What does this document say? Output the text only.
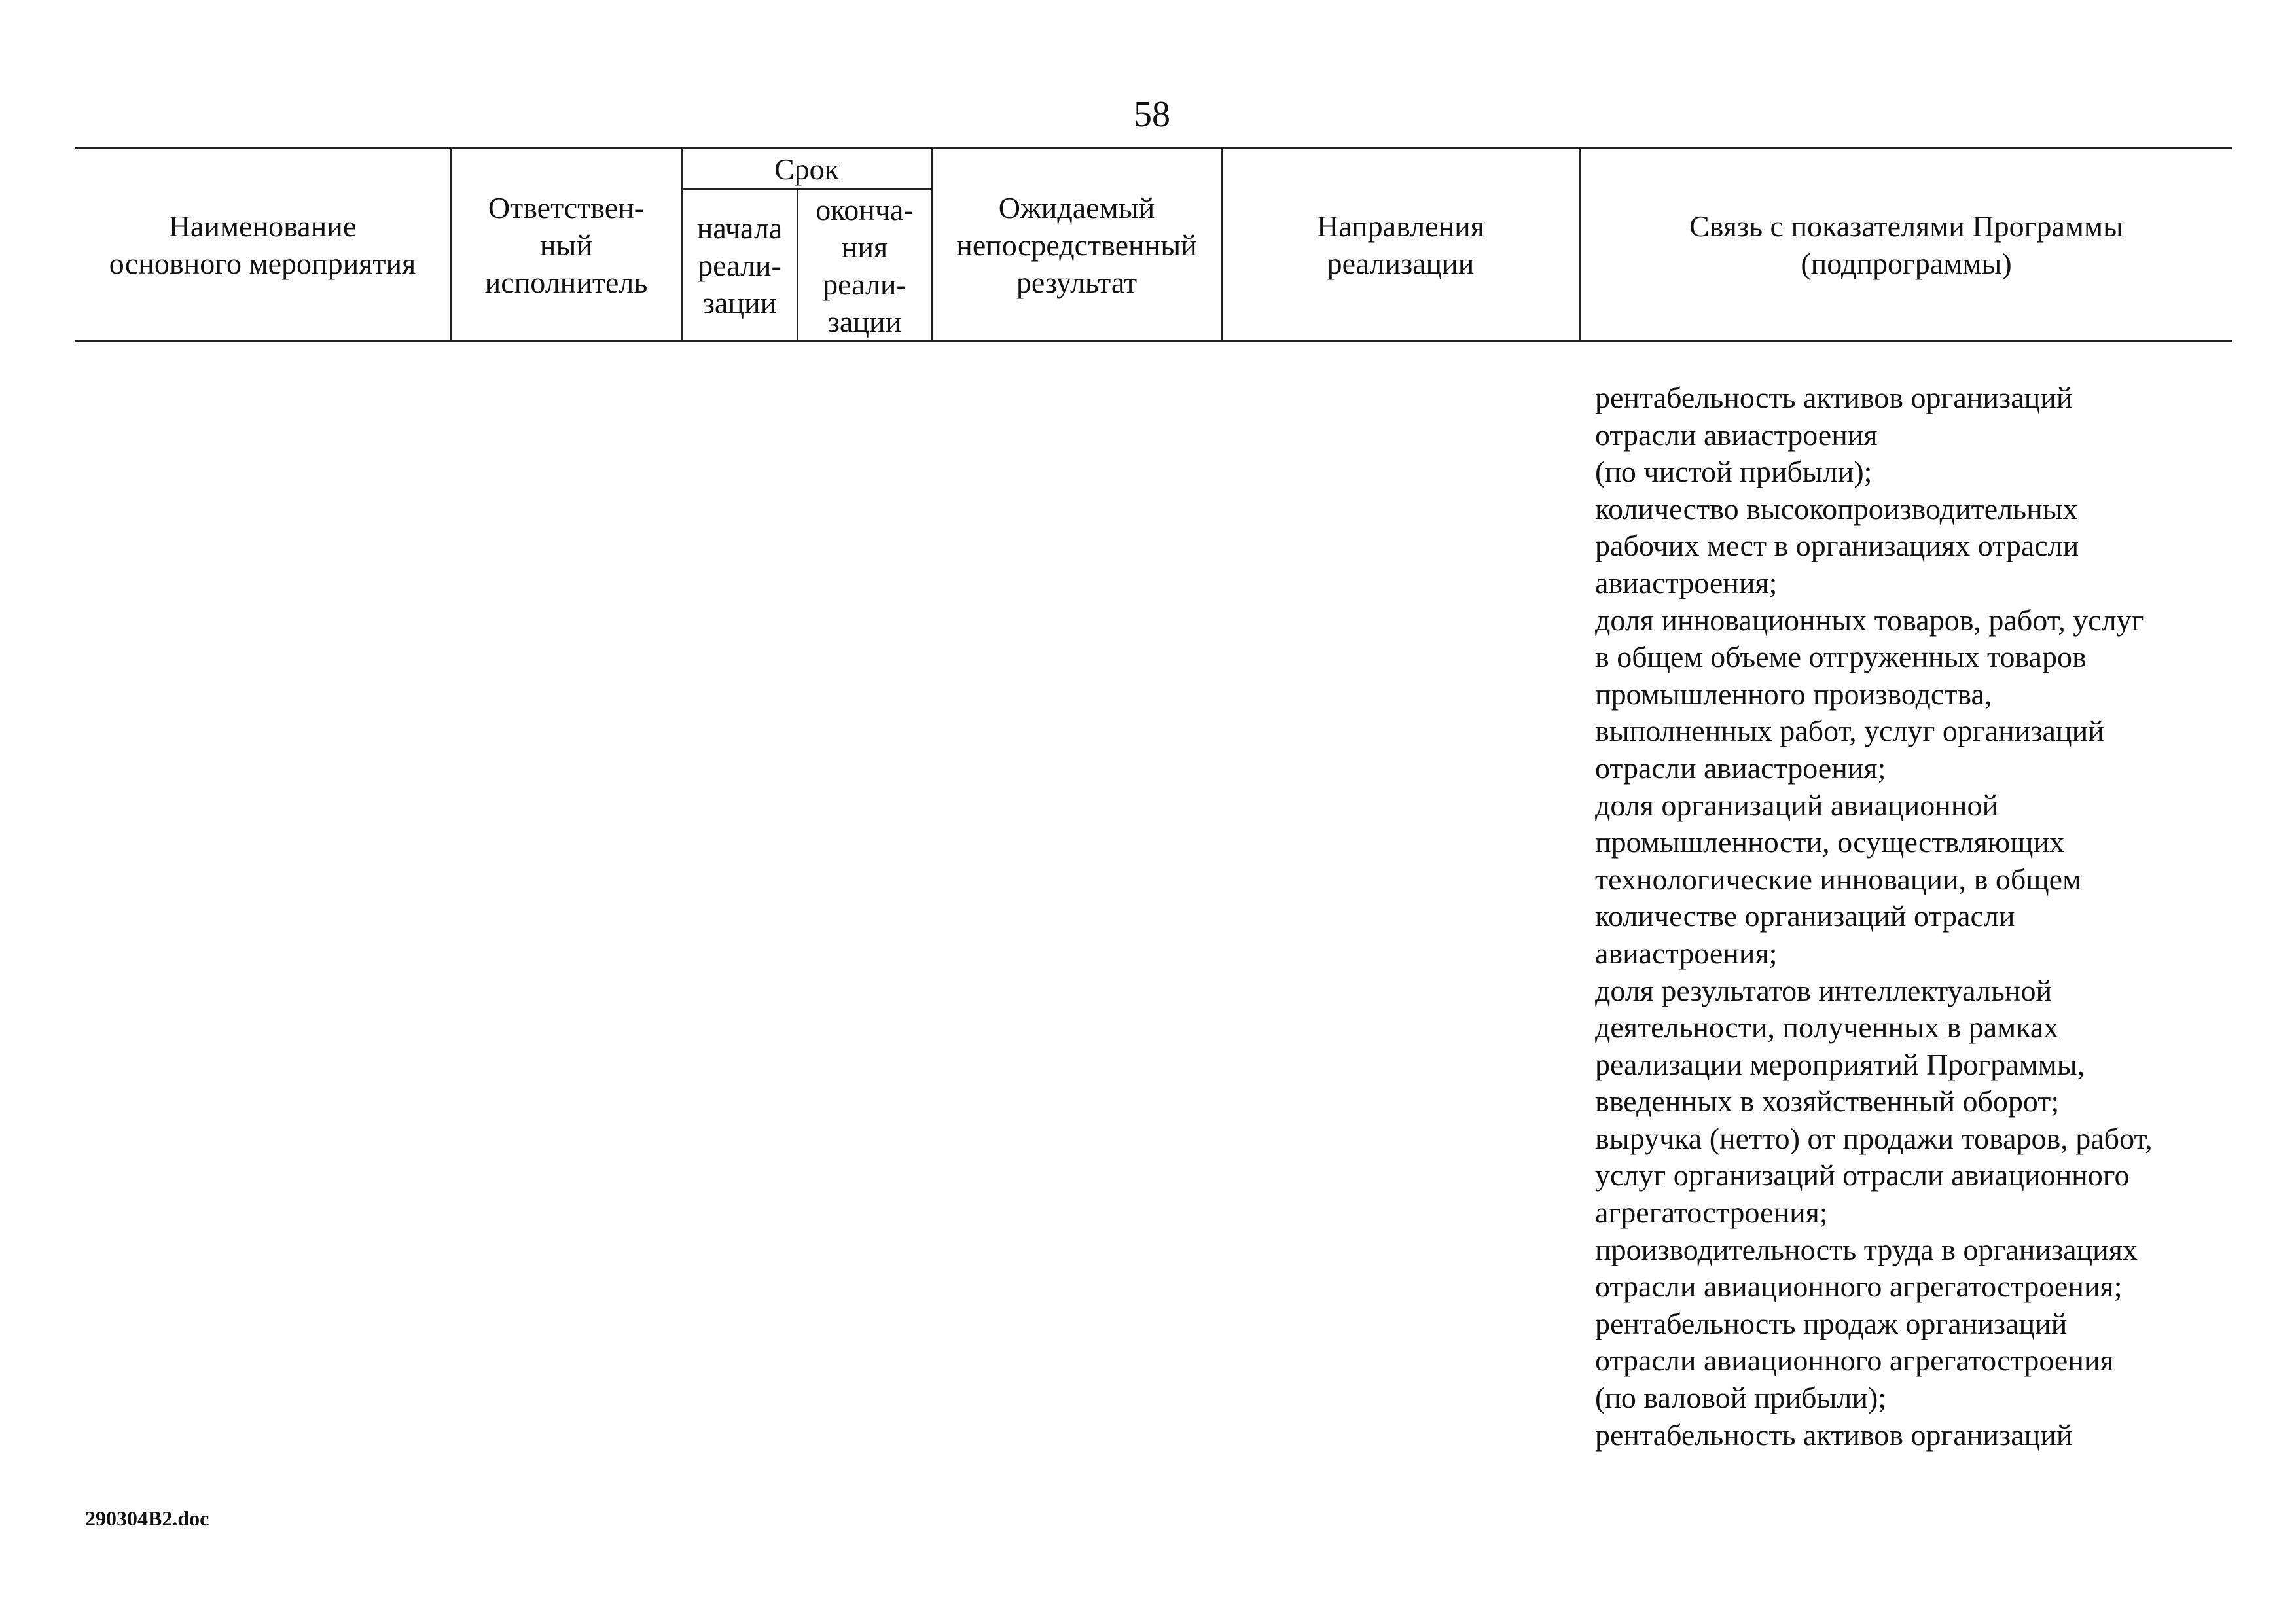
58
Наименование
основного мероприятия
Ответствен-
ный
исполнитель
Срок
начала
реали-
зации
оконча-
ния
реали-
зации
Ожидаемый
непосредственный
результат
Направления
реализации
Связь с показателями Программы
(подпрограммы)
рентабельность активов организаций
отрасли авиастроения
(по чистой прибыли);
количество высокопроизводительных
рабочих мест в организациях отрасли
авиастроения;
доля инновационных товаров, работ, услуг
в общем объеме отгруженных товаров
промышленного производства,
выполненных работ, услуг организаций
отрасли авиастроения;
доля организаций авиационной
промышленности, осуществляющих
технологические инновации, в общем
количестве организаций отрасли
авиастроения;
доля результатов интеллектуальной
деятельности, полученных в рамках
реализации мероприятий Программы,
введенных в хозяйственный оборот;
выручка (нетто) от продажи товаров, работ,
услуг организаций отрасли авиационного
агрегатостроения;
производительность труда в организациях
отрасли авиационного агрегатостроения;
рентабельность продаж организаций
отрасли авиационного агрегатостроения
(по валовой прибыли);
рентабельность активов организаций
290304B2.doc
